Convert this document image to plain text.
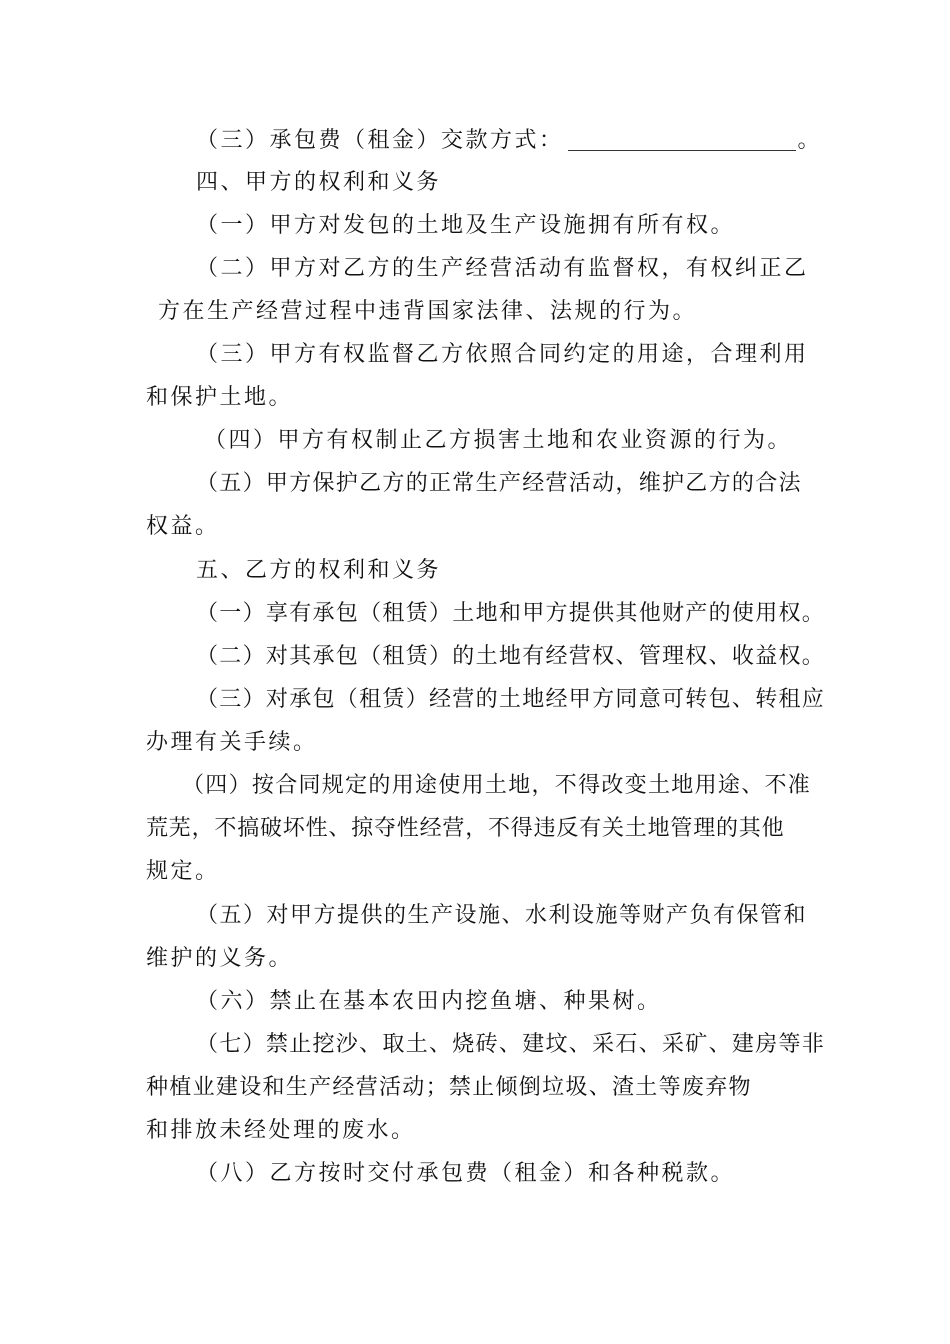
（三）承包费（租金）交款方式：	。
四、甲方的权利和义务
（一）甲方对发包的土地及生产设施拥有所有权。
（二）甲方对乙方的生产经营活动有监督权，有权纠正乙
方在生产经营过程中违背国家法律、法规的行为。
（三）甲方有权监督乙方依照合同约定的用途，合理利用
和保护土地。
（四）甲方有权制止乙方损害土地和农业资源的行为。
（五）甲方保护乙方的正常生产经营活动，维护乙方的合法
权益。
五、乙方的权利和义务
（一）享有承包（租赁）土地和甲方提供其他财产的使用权。
（二）对其承包（租赁）的土地有经营权、管理权、收益权。
（三）对承包（租赁）经营的土地经甲方同意可转包、转租应
办理有关手续。
（四）按合同规定的用途使用土地，不得改变土地用途、不准
荒芜，不搞破坏性、掠夺性经营，不得违反有关土地管理的其他
规定。
（五）对甲方提供的生产设施、水利设施等财产负有保管和
维护的义务。
（六）禁止在基本农田内挖鱼塘、种果树。
（七）禁止挖沙、取土、烧砖、建坟、采石、采矿、建房等非
种植业建设和生产经营活动；禁止倾倒垃圾、渣土等废弃物
和排放未经处理的废水。
（八）乙方按时交付承包费（租金）和各种税款。
